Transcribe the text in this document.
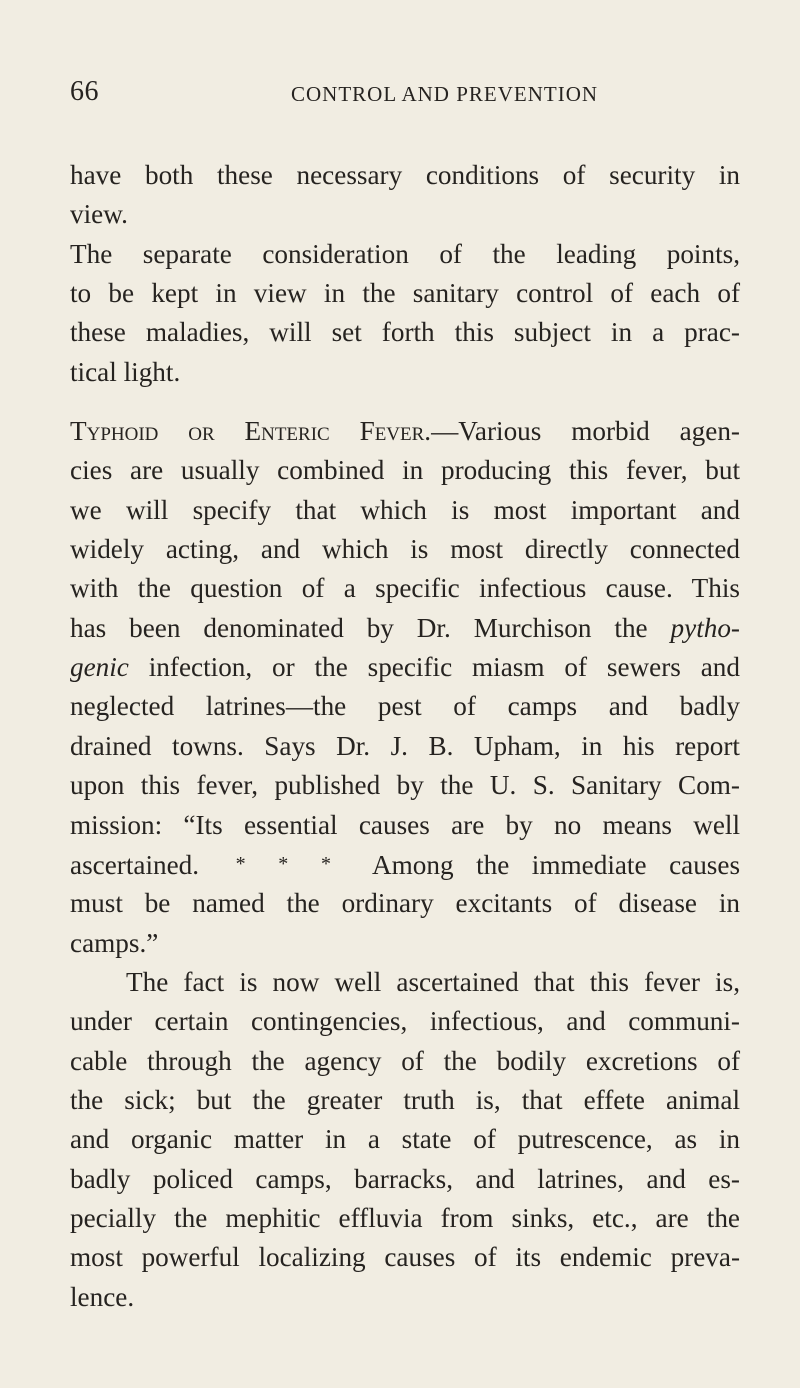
66	CONTROL AND PREVENTION
have both these necessary conditions of security in
view.
The separate consideration of the leading points,
to be kept in view in the sanitary control of each of
these maladies, will set forth this subject in a prac-
tical light.
Typhoid or Enteric Fever.—Various morbid agen-
cies are usually combined in producing this fever, but
we will specify that which is most important and
widely acting, and which is most directly connected
with the question of a specific infectious cause. This
has been denominated by Dr. Murchison the pytho-
genic infection, or the specific miasm of sewers and
neglected latrines—the pest of camps and badly
drained towns. Says Dr. J. B. Upham, in his report
upon this fever, published by the U. S. Sanitary Com-
mission: “Its essential causes are by no means well
ascertained. * * * Among the immediate causes
must be named the ordinary excitants of disease in
camps.”
The fact is now well ascertained that this fever is,
under certain contingencies, infectious, and communi-
cable through the agency of the bodily excretions of
the sick; but the greater truth is, that effete animal
and organic matter in a state of putrescence, as in
badly policed camps, barracks, and latrines, and es-
pecially the mephitic effluvia from sinks, etc., are the
most powerful localizing causes of its endemic preva-
lence.
